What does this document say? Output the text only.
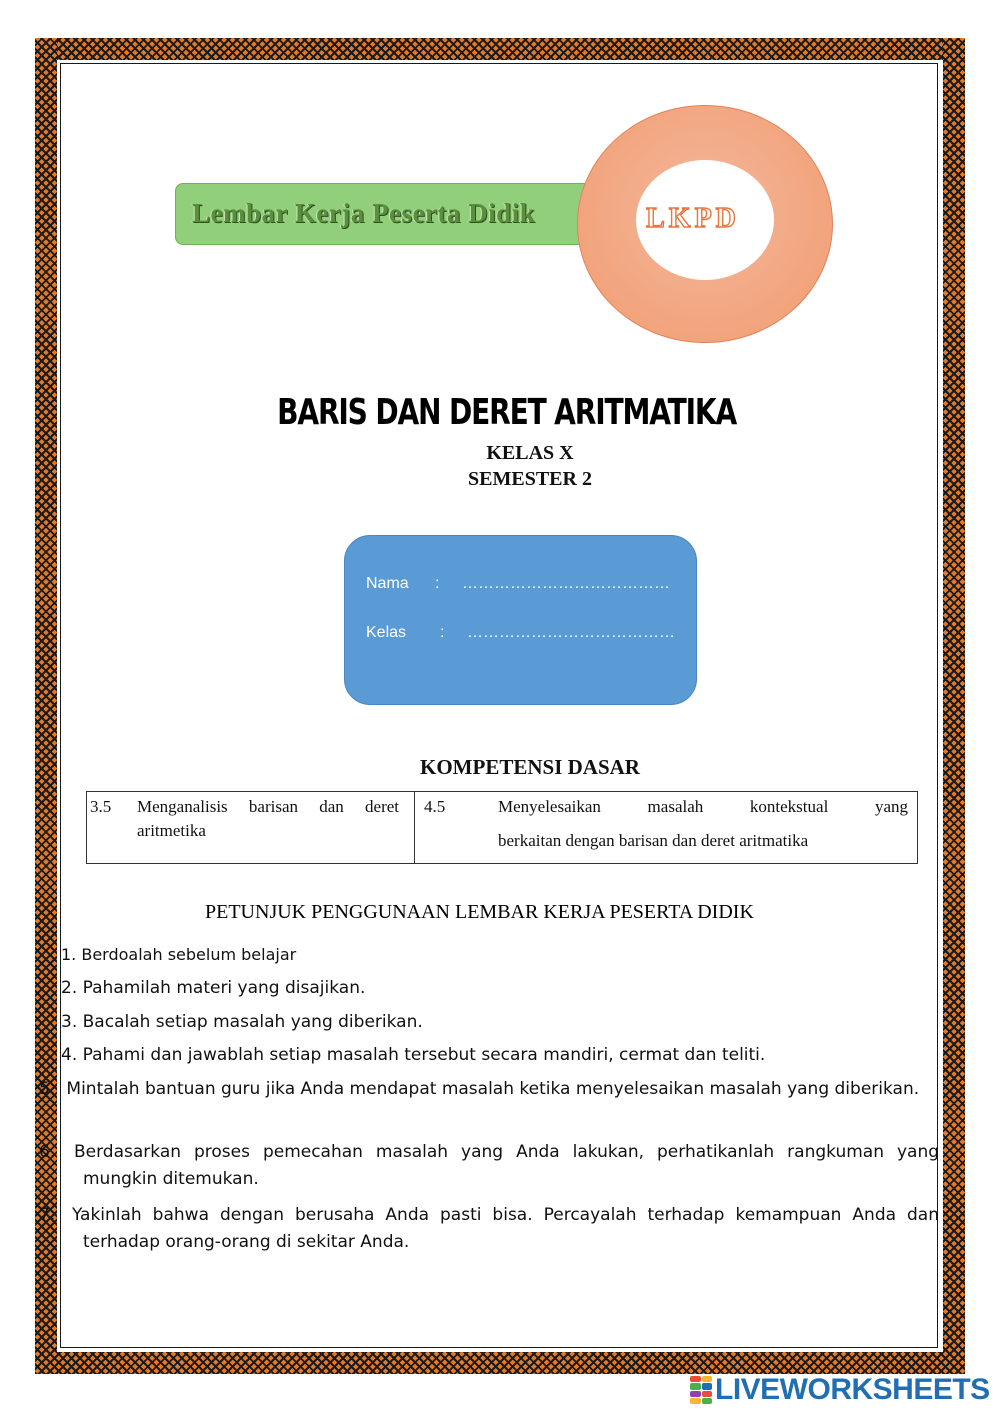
Lembar Kerja Peserta Didik	LKPD
BARIS DAN DERET ARITMATIKA
KELAS X
SEMESTER 2
Nama : …………………………………
Kelas : …………………………………
KOMPETENSI DASAR
3.5 Menganalisis barisan dan deret aritmetika
4.5	Menyelesaikan masalah kontekstual yang
berkaitan dengan barisan dan deret aritmatika
PETUNJUK PENGGUNAAN LEMBAR KERJA PESERTA DIDIK
1. Berdoalah sebelum belajar
2. Pahamilah materi yang disajikan.
3. Bacalah setiap masalah yang diberikan.
4. Pahami dan jawablah setiap masalah tersebut secara mandiri, cermat dan teliti.
Mintalah bantuan guru jika Anda mendapat masalah ketika menyelesaikan masalah yang diberikan.
Berdasarkan proses pemecahan masalah yang Anda lakukan, perhatikanlah rangkuman yang mungkin ditemukan.
Yakinlah bahwa dengan berusaha Anda pasti bisa. Percayalah terhadap kemampuan Anda dan terhadap orang-orang di sekitar Anda.
LIVEWORKSHEETS
